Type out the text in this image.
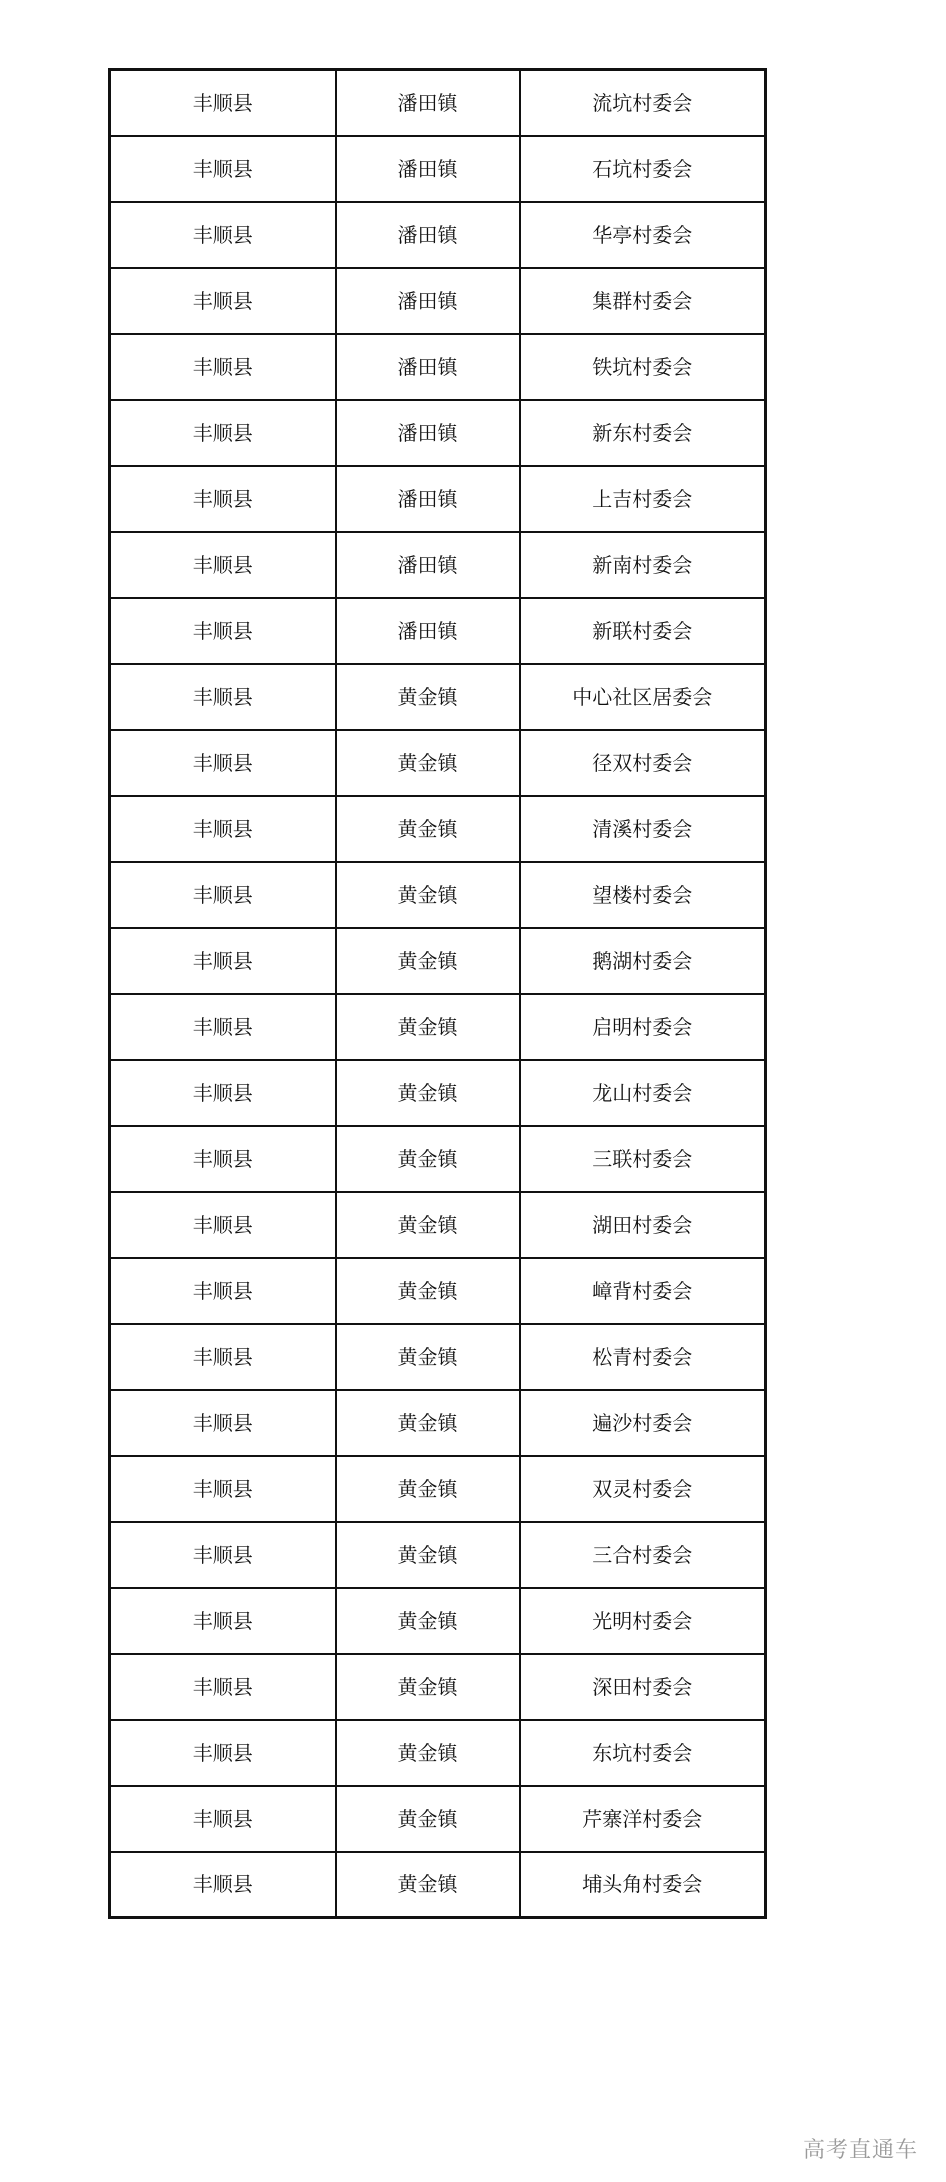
丰顺县	潘田镇	流坑村委会
丰顺县	潘田镇	石坑村委会
丰顺县	潘田镇	华亭村委会
丰顺县	潘田镇	集群村委会
丰顺县	潘田镇	铁坑村委会
丰顺县	潘田镇	新东村委会
丰顺县	潘田镇	上吉村委会
丰顺县	潘田镇	新南村委会
丰顺县	潘田镇	新联村委会
丰顺县	黄金镇	中心社区居委会
丰顺县	黄金镇	径双村委会
丰顺县	黄金镇	清溪村委会
丰顺县	黄金镇	望楼村委会
丰顺县	黄金镇	鹅湖村委会
丰顺县	黄金镇	启明村委会
丰顺县	黄金镇	龙山村委会
丰顺县	黄金镇	三联村委会
丰顺县	黄金镇	湖田村委会
丰顺县	黄金镇	嶂背村委会
丰顺县	黄金镇	松青村委会
丰顺县	黄金镇	遍沙村委会
丰顺县	黄金镇	双灵村委会
丰顺县	黄金镇	三合村委会
丰顺县	黄金镇	光明村委会
丰顺县	黄金镇	深田村委会
丰顺县	黄金镇	东坑村委会
丰顺县	黄金镇	芹寨洋村委会
丰顺县	黄金镇	埔头角村委会
高考直通车
